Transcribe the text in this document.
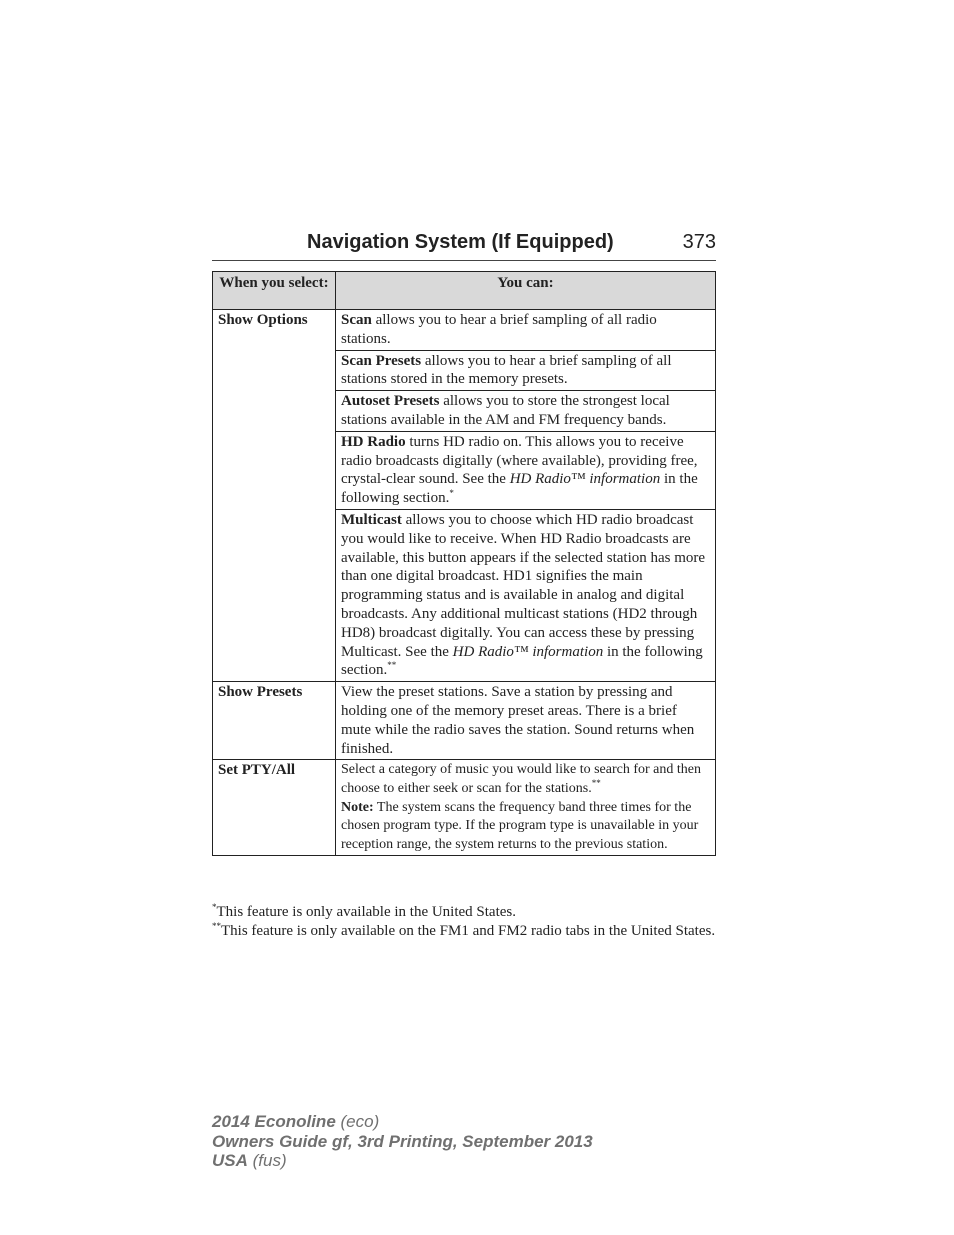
Navigation System (If Equipped)	373
When you select:	You can:
Show Options	Scan allows you to hear a brief sampling of all radio stations.
	Scan Presets allows you to hear a brief sampling of all stations stored in the memory presets.
	Autoset Presets allows you to store the strongest local stations available in the AM and FM frequency bands.
	HD Radio turns HD radio on. This allows you to receive radio broadcasts digitally (where available), providing free, crystal-clear sound. See the HD Radio™ information in the following section.*
	Multicast allows you to choose which HD radio broadcast you would like to receive. When HD Radio broadcasts are available, this button appears if the selected station has more than one digital broadcast. HD1 signifies the main programming status and is available in analog and digital broadcasts. Any additional multicast stations (HD2 through HD8) broadcast digitally. You can access these by pressing Multicast. See the HD Radio™ information in the following section.**
Show Presets	View the preset stations. Save a station by pressing and holding one of the memory preset areas. There is a brief mute while the radio saves the station. Sound returns when finished.
Set PTY/All	Select a category of music you would like to search for and then choose to either seek or scan for the stations.**
Note: The system scans the frequency band three times for the chosen program type. If the program type is unavailable in your reception range, the system returns to the previous station.

*This feature is only available in the United States.

**This feature is only available on the FM1 and FM2 radio tabs in the United States.

2014 Econoline (eco)
Owners Guide gf, 3rd Printing, September 2013
USA (fus)
